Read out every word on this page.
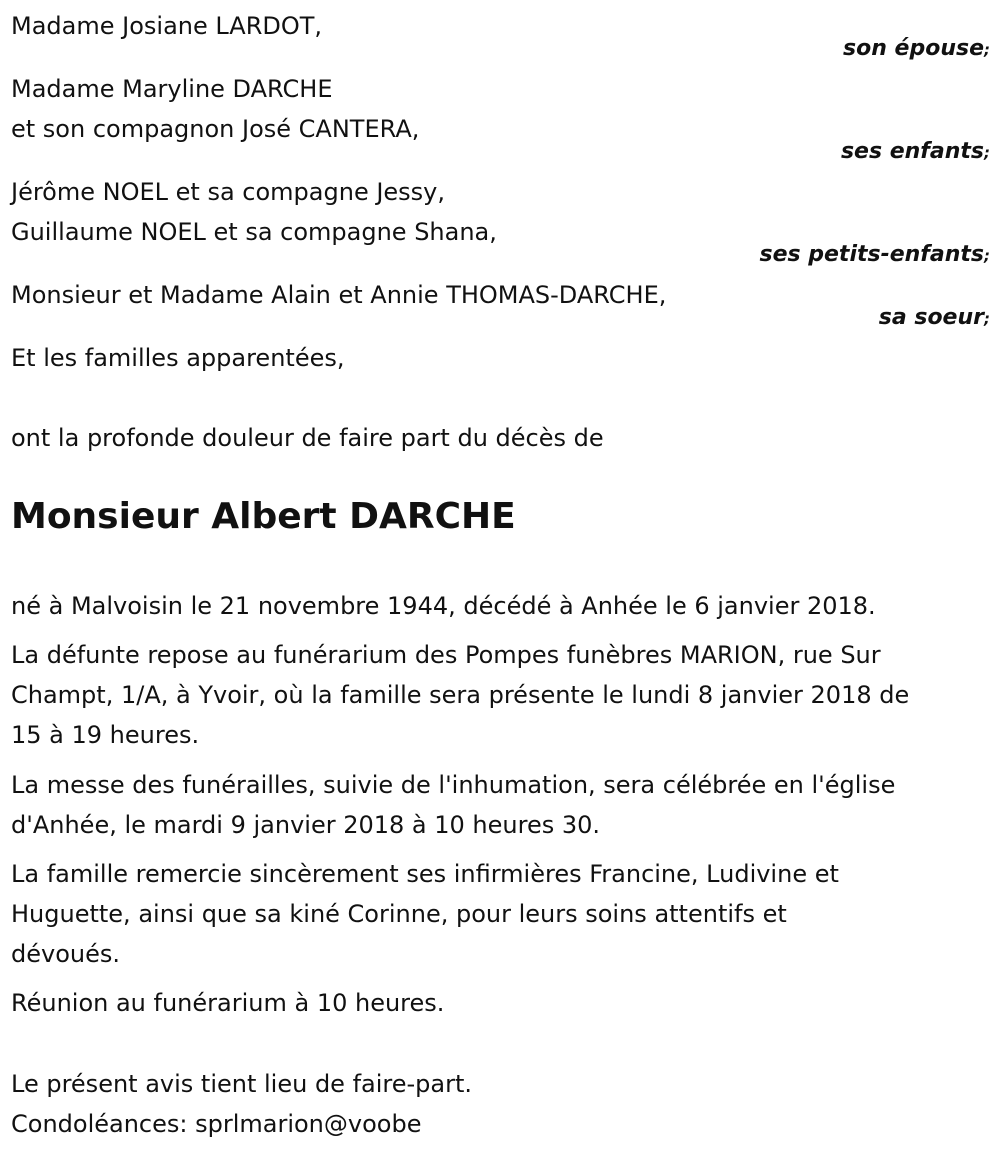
Madame Josiane LARDOT,
son épouse;
Madame Maryline DARCHE
et son compagnon José CANTERA,
ses enfants;
Jérôme NOEL et sa compagne Jessy,
Guillaume NOEL et sa compagne Shana,
ses petits-enfants;
Monsieur et Madame Alain et Annie THOMAS-DARCHE,
sa soeur;
Et les familles apparentées,
ont la profonde douleur de faire part du décès de
Monsieur Albert DARCHE
né à Malvoisin le 21 novembre 1944, décédé à Anhée le 6 janvier 2018.
La défunte repose au funérarium des Pompes funèbres MARION, rue Sur
Champt, 1/A, à Yvoir, où la famille sera présente le lundi 8 janvier 2018 de
15 à 19 heures.
La messe des funérailles, suivie de l'inhumation, sera célébrée en l'église
d'Anhée, le mardi 9 janvier 2018 à 10 heures 30.
La famille remercie sincèrement ses infirmières Francine, Ludivine et
Huguette, ainsi que sa kiné Corinne, pour leurs soins attentifs et
dévoués.
Réunion au funérarium à 10 heures.
Le présent avis tient lieu de faire-part.
Condoléances: sprlmarion@voobe
